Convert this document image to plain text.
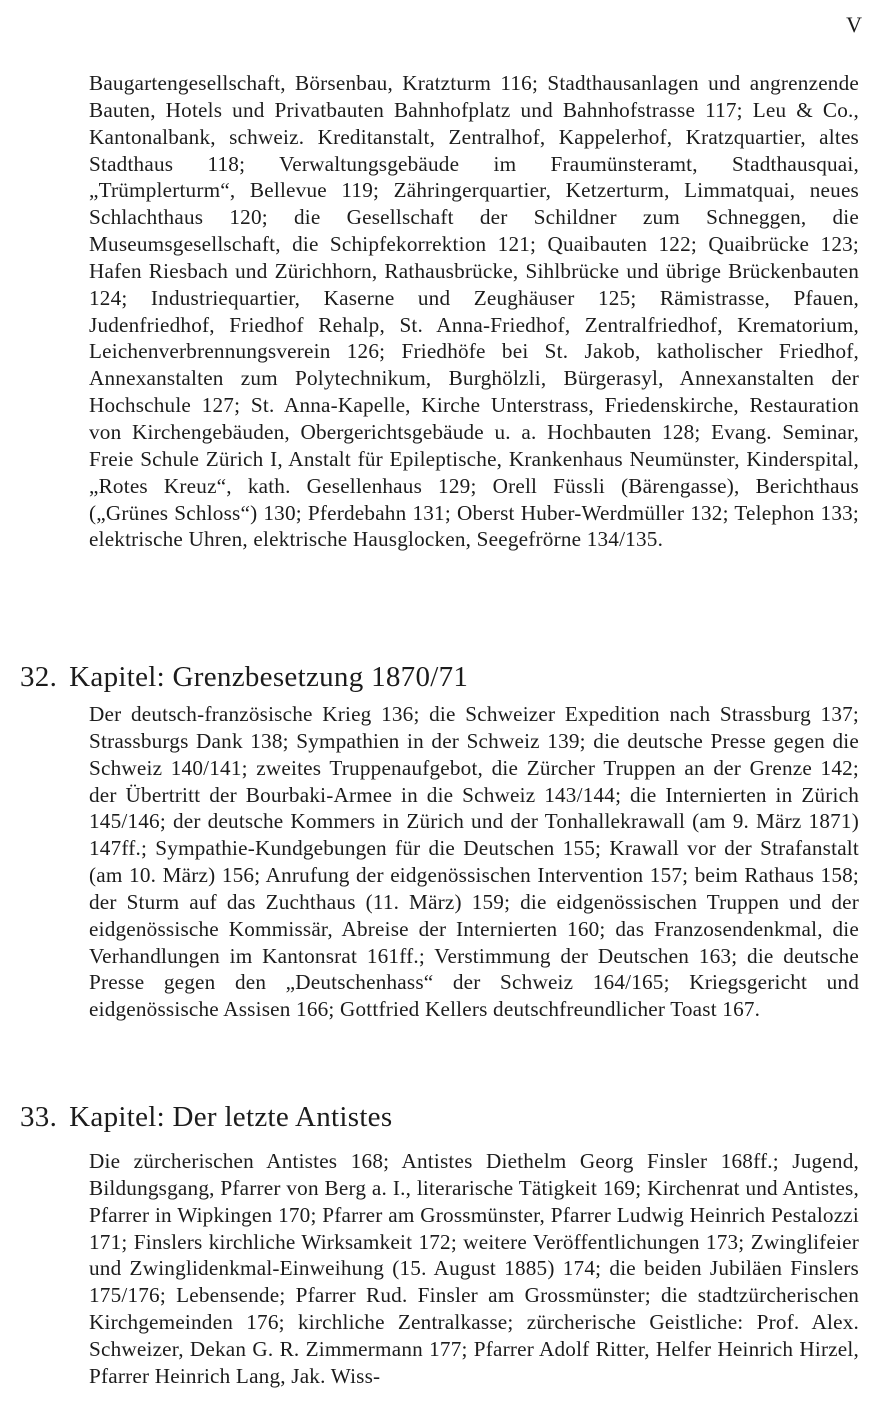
V

Baugartengesellschaft, Börsenbau, Kratzturm 116; Stadthausanlagen und angrenzende Bauten, Hotels und Privatbauten Bahnhofplatz und Bahnhofstrasse 117; Leu & Co., Kantonalbank, schweiz. Kreditanstalt, Zentralhof, Kappelerhof, Kratzquartier, altes Stadthaus 118; Verwaltungsgebäude im Fraumünsteramt, Stadthausquai, „Trümplerturm“, Bellevue 119; Zähringerquartier, Ketzerturm, Limmatquai, neues Schlachthaus 120; die Gesellschaft der Schildner zum Schneggen, die Museumsgesellschaft, die Schipfekorrektion 121; Quaibauten 122; Quaibrücke 123; Hafen Riesbach und Zürichhorn, Rathausbrücke, Sihlbrücke und übrige Brückenbauten 124; Industriequartier, Kaserne und Zeughäuser 125; Rämistrasse, Pfauen, Judenfriedhof, Friedhof Rehalp, St. Anna-Friedhof, Zentralfriedhof, Krematorium, Leichenverbrennungsverein 126; Friedhöfe bei St. Jakob, katholischer Friedhof, Annexanstalten zum Polytechnikum, Burghölzli, Bürgerasyl, Annexanstalten der Hochschule 127; St. Anna-Kapelle, Kirche Unterstrass, Friedenskirche, Restauration von Kirchengebäuden, Obergerichtsgebäude u. a. Hochbauten 128; Evang. Seminar, Freie Schule Zürich I, Anstalt für Epileptische, Krankenhaus Neumünster, Kinderspital, „Rotes Kreuz“, kath. Gesellenhaus 129; Orell Füssli (Bärengasse), Berichthaus („Grünes Schloss“) 130; Pferdebahn 131; Oberst Huber-Werdmüller 132; Telephon 133; elektrische Uhren, elektrische Hausglocken, Seegefrörne 134/135.

32. Kapitel: Grenzbesetzung 1870/71

Der deutsch-französische Krieg 136; die Schweizer Expedition nach Strassburg 137; Strassburgs Dank 138; Sympathien in der Schweiz 139; die deutsche Presse gegen die Schweiz 140/141; zweites Truppenaufgebot, die Zürcher Truppen an der Grenze 142; der Übertritt der Bourbaki-Armee in die Schweiz 143/144; die Internierten in Zürich 145/146; der deutsche Kommers in Zürich und der Tonhallekrawall (am 9. März 1871) 147ff.; Sympathie-Kundgebungen für die Deutschen 155; Krawall vor der Strafanstalt (am 10. März) 156; Anrufung der eidgenössischen Intervention 157; beim Rathaus 158; der Sturm auf das Zuchthaus (11. März) 159; die eidgenössischen Truppen und der eidgenössische Kommissär, Abreise der Internierten 160; das Franzosendenkmal, die Verhandlungen im Kantonsrat 161ff.; Verstimmung der Deutschen 163; die deutsche Presse gegen den „Deutschenhass“ der Schweiz 164/165; Kriegsgericht und eidgenössische Assisen 166; Gottfried Kellers deutschfreundlicher Toast 167.

33. Kapitel: Der letzte Antistes

Die zürcherischen Antistes 168; Antistes Diethelm Georg Finsler 168ff.; Jugend, Bildungsgang, Pfarrer von Berg a. I., literarische Tätigkeit 169; Kirchenrat und Antistes, Pfarrer in Wipkingen 170; Pfarrer am Grossmünster, Pfarrer Ludwig Heinrich Pestalozzi 171; Finslers kirchliche Wirksamkeit 172; weitere Veröffentlichungen 173; Zwinglifeier und Zwinglidenkmal-Einweihung (15. August 1885) 174; die beiden Jubiläen Finslers 175/176; Lebensende; Pfarrer Rud. Finsler am Grossmünster; die stadtzürcherischen Kirchgemeinden 176; kirchliche Zentralkasse; zürcherische Geistliche: Prof. Alex. Schweizer, Dekan G. R. Zimmermann 177; Pfarrer Adolf Ritter, Helfer Heinrich Hirzel, Pfarrer Heinrich Lang, Jak. Wiss-
